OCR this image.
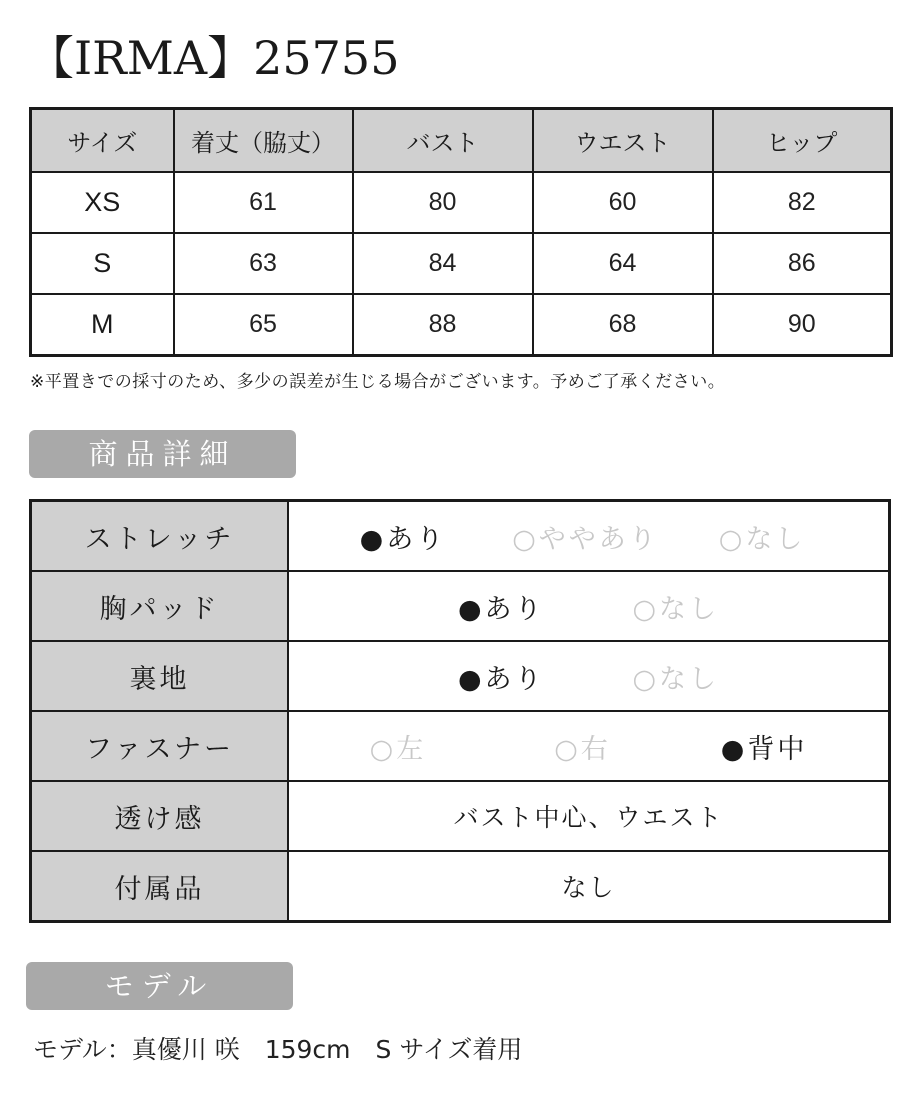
【IRMA】25755
サイズ	着丈（脇丈）	バスト	ウエスト	ヒップ
XS	61	80	60	82
S	63	84	64	86
M	65	88	68	90
※平置きでの採寸のため、多少の誤差が生じる場合がございます。予めご了承ください。
商品詳細
ストレッチ	●あり ○ややあり ○なし

胸パッド	●あり ○なし

裏地	●あり ○なし

ファスナー	○左 ○右 ●背中

透け感	バスト中心、ウエスト
付属品	なし
モデル
モデル：真優川 咲　159cm　S サイズ着用
